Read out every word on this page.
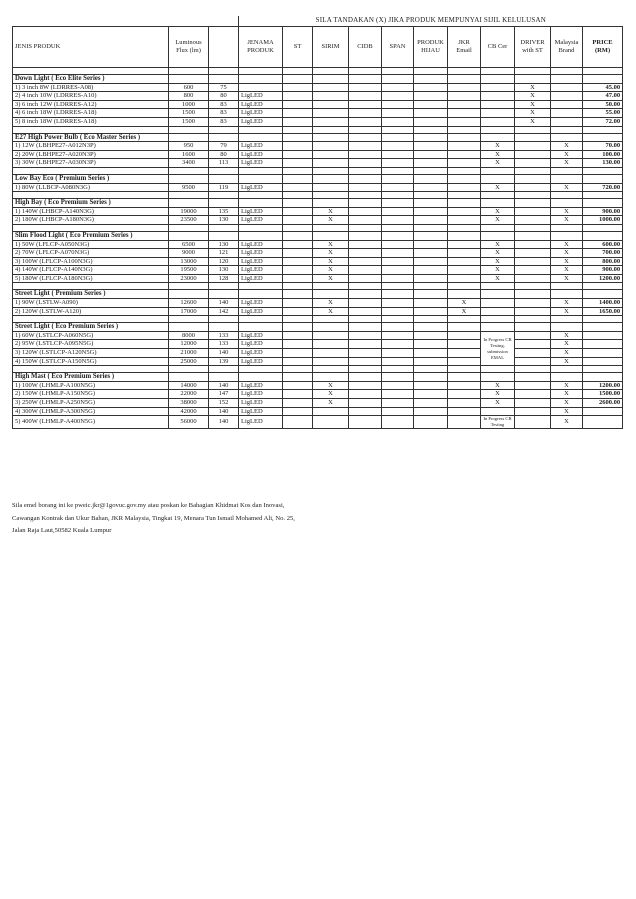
			SILA TANDAKAN (X) JIKA PRODUK MEMPUNYAI SIJIL KELULUSAN										
JENIS PRODUK	Luminous Flux (lm)		JENAMA PRODUK	ST	SIRIM	CIDB	SPAN	PRODUK HIJAU	JKR Email	CB Cer	DRIVER with ST	Malaysia Brand	PRICE (RM)

Down Light ( Eco Elite Series )													
1) 3 inch 8W (LDRRES-A08)	600	75									X		45.00
2) 4 inch 10W (LDRRES-A10)	800	80	LigLED								X		47.00
3) 6 inch 12W (LDRRES-A12)	1000	83	LigLED								X		50.00
4) 6 inch 18W (LDRRES-A18)	1500	83	LigLED								X		55.00
5) 8 inch 18W (LDRRES-A18)	1500	83	LigLED								X		72.00

E27 High Power Bulb ( Eco Master Series )													
1) 12W (LBHPE27-A012N3P)	950	79	LigLED							X		X	70.00
2) 20W (LBHPE27-A020N3P)	1600	80	LigLED							X		X	100.00
3) 30W (LBHPE27-A030N3P)	3400	113	LigLED							X		X	130.00

Low Bay Eco ( Premium Series )													
1) 80W (LLBCP-A080N3G)	9500	119	LigLED							X		X	720.00

High Bay ( Eco Premium Series )													
1) 140W (LHBCP-A140N3G)	19000	135	LigLED		X					X		X	900.00
2) 180W (LHBCP-A180N3G)	23500	130	LigLED		X					X		X	1000.00

Slim Flood Light ( Eco Premium Series )													
1) 50W (LFLCP-A050N3G)	6500	130	LigLED		X					X		X	600.00
2) 70W (LFLCP-A070N3G)	9000	121	LigLED		X					X		X	700.00
3) 100W (LFLCP-A100N3G)	13000	120	LigLED		X					X		X	800.00
4) 140W (LFLCP-A140N3G)	19500	130	LigLED		X					X		X	900.00
5) 180W (LFLCP-A180N3G)	23000	128	LigLED		X					X		X	1200.00

Street Light ( Premium Series )													
1) 90W (LSTLW-A090)	12600	140	LigLED		X				X			X	1400.00
2) 120W (LSTLW-A120)	17000	142	LigLED		X				X			X	1650.00

Street Light ( Eco Premium Series )													
1) 60W (LSTLCP-A060N5G)	8000	133	LigLED							In Progress CB Testing, submission EMAL		X	
2) 95W (LSTLCP-A095N5G)	12000	133	LigLED									X	
3) 120W (LSTLCP-A120N5G)	21000	140	LigLED									X	
4) 150W (LSTLCP-A150N5G)	25000	139	LigLED									X	

High Mast ( Eco Premium Series )													
1) 100W (LHMLP-A100N5G)	14000	140	LigLED		X					X		X	1200.00
2) 150W (LHMLP-A150N5G)	22000	147	LigLED		X					X		X	1500.00
3) 250W (LHMLP-A250N5G)	38000	152	LigLED		X					X		X	2600.00
4) 300W (LHMLP-A300N5G)	42000	140	LigLED									X	
5) 400W (LHMLP-A400N5G)	56000	140	LigLED							In Progress CB Testing		X	
Sila emel borang ini ke pweic.jkr@1govuc.gov.my atau poskan ke Bahagian Khidmat Kos dan Inovasi,
Cawangan Kontrak dan Ukur Bahan, JKR Malaysia, Tingkat 19, Menara Tun Ismail Mohamed Ali, No. 25,
Jalan Raja Laut,50582 Kuala Lumpur
